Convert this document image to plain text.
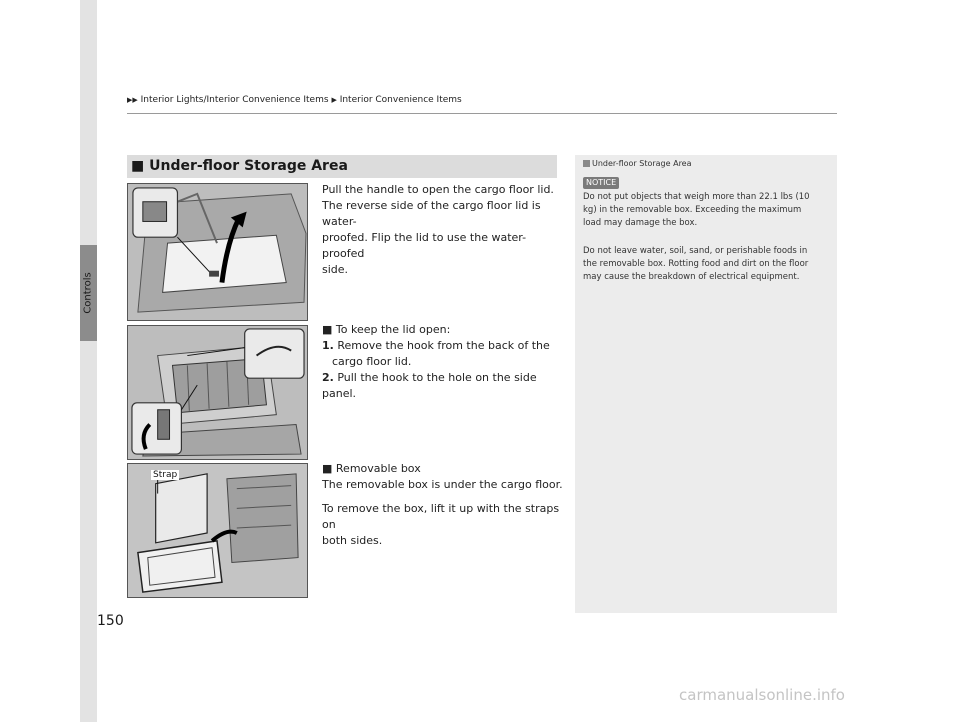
Controls
▶▶ Interior Lights/Interior Convenience Items ▶ Interior Convenience Items
■ Under-floor Storage Area
Strap
Pull the handle to open the cargo floor lid.
The reverse side of the cargo floor lid is water-
proofed. Flip the lid to use the water-proofed
side.
■ To keep the lid open:
1. Remove the hook from the back of the
cargo floor lid.
2. Pull the hook to the hole on the side panel.
■ Removable box
The removable box is under the cargo floor.
To remove the box, lift it up with the straps on
both sides.
Under-floor Storage Area
NOTICE
Do not put objects that weigh more than 22.1 lbs (10
kg) in the removable box. Exceeding the maximum
load may damage the box.
Do not leave water, soil, sand, or perishable foods in
the removable box. Rotting food and dirt on the floor
may cause the breakdown of electrical equipment.
150
carmanualsonline.info
